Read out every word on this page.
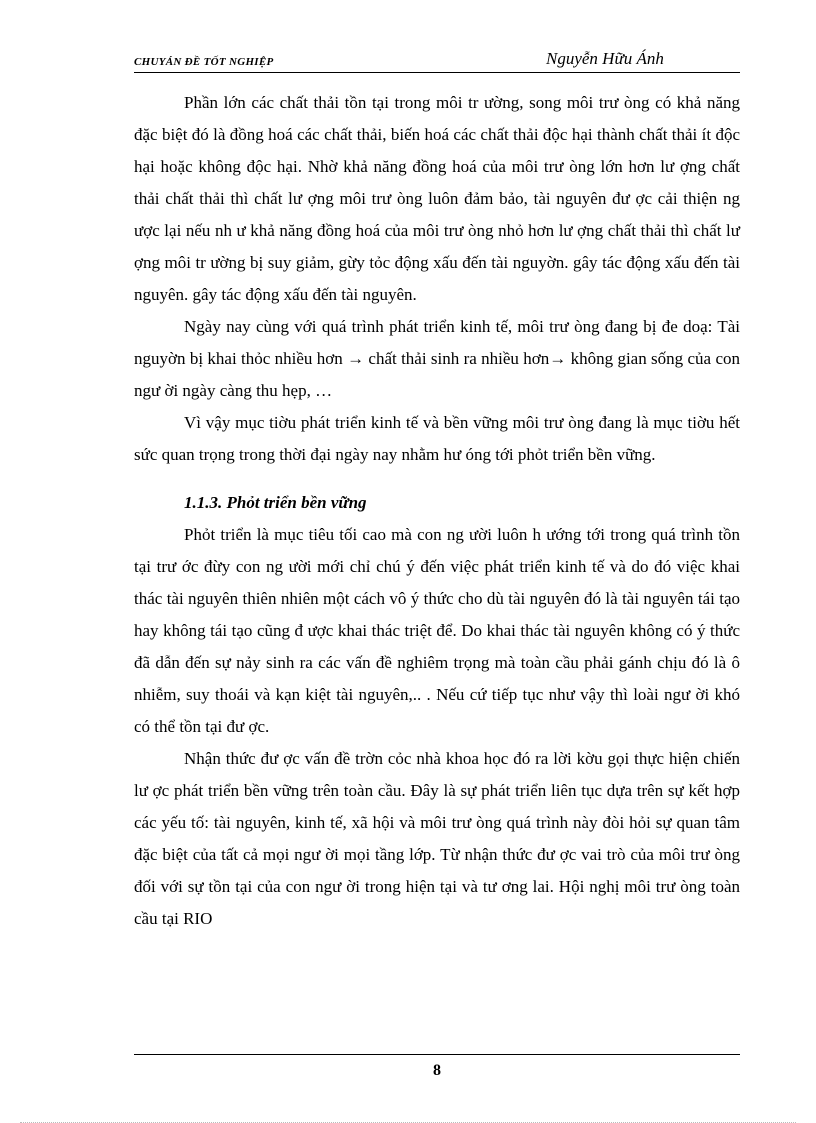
CHUYÁN ĐỀ TỐT NGHIỆP	Nguyễn Hữu Ánh

Phần lớn các chất thải tồn tại trong môi tr ường, song môi trư òng có khả năng đặc biệt đó là đồng hoá các chất thải, biến hoá các chất thải độc hại thành chất thải ít độc hại hoặc không độc hại. Nhờ khả năng đồng hoá của môi trư òng lớn hơn lư ợng chất thải chất thải thì chất lư ợng môi trư òng luôn đảm bảo, tài nguyên đư ợc cải thiện ng ược lại nếu nh ư khả năng đồng hoá của môi trư òng nhỏ hơn lư ợng chất thải thì chất lư ợng môi tr ường bị suy giảm, gừy tỏc động xấu đến tài nguyờn. gây tác động xấu đến tài nguyên. gây tác động xấu đến tài nguyên.

Ngày nay cùng với quá trình phát triển kinh tế, môi trư òng đang bị đe doạ: Tài nguyờn bị khai thỏc nhiều hơn → chất thải sinh ra nhiều hơn→ không gian sống của con ngư ời ngày càng thu hẹp, …

Vì vậy mục tiờu phát triển kinh tế và bền vững môi trư òng đang là mục tiờu hết sức quan trọng trong thời đại ngày nay nhằm hư óng tới phỏt triển bền vững.

1.1.3. Phỏt triển bền vững

Phỏt triển là mục tiêu tối cao mà con ng ười luôn h ướng tới trong quá trình tồn tại trư ớc đừy con ng ười mới chỉ chú ý đến việc phát triển kinh tế và do đó việc khai thác tài nguyên thiên nhiên một cách vô ý thức cho dù tài nguyên đó là tài nguyên tái tạo hay không tái tạo cũng đ ược khai thác triệt để. Do khai thác tài nguyên không có ý thức đã dẫn đến sự nảy sinh ra các vấn đề nghiêm trọng mà toàn cầu phải gánh chịu đó là ô nhiễm, suy thoái và kạn kiệt tài nguyên,.. . Nếu cứ tiếp tục như vậy thì loài ngư ời khó có thể tồn tại đư ợc.

Nhận thức đư ợc vấn đề trờn cỏc nhà khoa học đó ra lời kờu gọi thực hiện chiến lư ợc phát triển bền vững trên toàn cầu. Đây là sự phát triển liên tục dựa trên sự kết hợp các yếu tố: tài nguyên, kinh tế, xã hội và môi trư òng quá trình này đòi hỏi sự quan tâm đặc biệt của tất cả mọi ngư ời mọi tầng lớp. Từ nhận thức đư ợc vai trò của môi trư òng đối với sự tồn tại của con ngư ời trong hiện tại và tư ơng lai. Hội nghị môi trư òng toàn cầu tại RIO

8
